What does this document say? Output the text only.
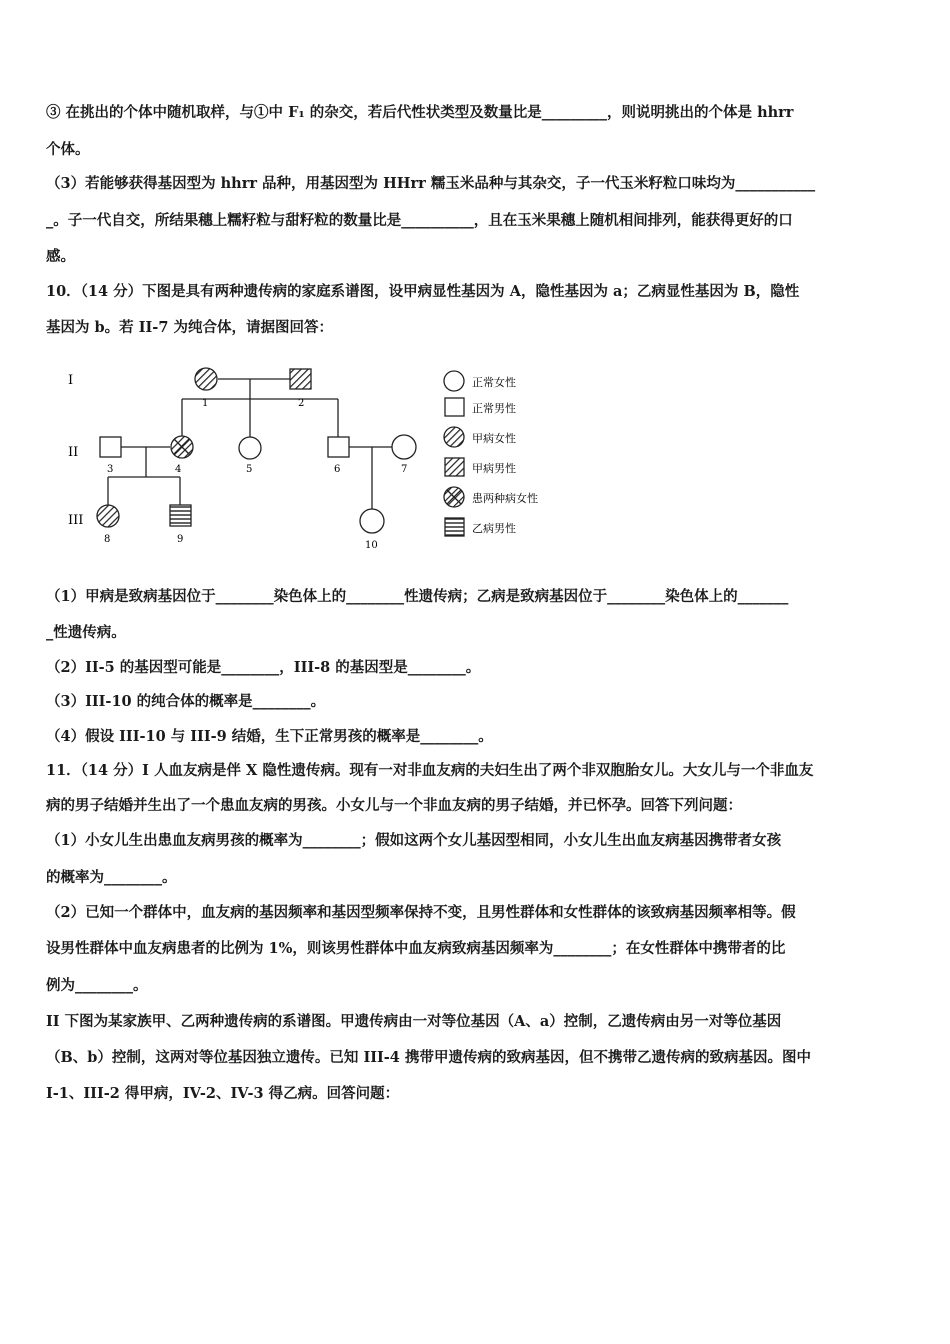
③ 在挑出的个体中随机取样，与①中 F₁ 的杂交，若后代性状类型及数量比是_________，则说明挑出的个体是 hhrr
个体。
（3）若能够获得基因型为 hhrr 品种，用基因型为 HHrr 糯玉米品种与其杂交，子一代玉米籽粒口味均为___________
_。子一代自交，所结果穗上糯籽粒与甜籽粒的数量比是__________，且在玉米果穗上随机相间排列，能获得更好的口
感。
10．（14 分）下图是具有两种遗传病的家庭系谱图，设甲病显性基因为 A，隐性基因为 a；乙病显性基因为 B，隐性
基因为 b。若 II-7 为纯合体，请据图回答：
I
II
III
1	2
3	4	5	6	7
8	9
10
正常女性
正常男性
甲病女性
甲病男性
患两种病女性
乙病男性
（1）甲病是致病基因位于________染色体上的________性遗传病；乙病是致病基因位于________染色体上的_______
_性遗传病。
（2）II-5 的基因型可能是________，III-8 的基因型是________。
（3）III-10 的纯合体的概率是________。
（4）假设 III-10 与 III-9 结婚，生下正常男孩的概率是________。
11．（14 分）I 人血友病是伴 X 隐性遗传病。现有一对非血友病的夫妇生出了两个非双胞胎女儿。大女儿与一个非血友
病的男子结婚并生出了一个患血友病的男孩。小女儿与一个非血友病的男子结婚，并已怀孕。回答下列问题：
（1）小女儿生出患血友病男孩的概率为________；假如这两个女儿基因型相同，小女儿生出血友病基因携带者女孩
的概率为________。
（2）已知一个群体中，血友病的基因频率和基因型频率保持不变，且男性群体和女性群体的该致病基因频率相等。假
设男性群体中血友病患者的比例为 1%，则该男性群体中血友病致病基因频率为________；在女性群体中携带者的比
例为________。
II 下图为某家族甲、乙两种遗传病的系谱图。甲遗传病由一对等位基因（A、a）控制，乙遗传病由另一对等位基因
（B、b）控制，这两对等位基因独立遗传。已知 III-4 携带甲遗传病的致病基因，但不携带乙遗传病的致病基因。图中
I-1、III-2 得甲病，IV-2、IV-3 得乙病。回答问题：
